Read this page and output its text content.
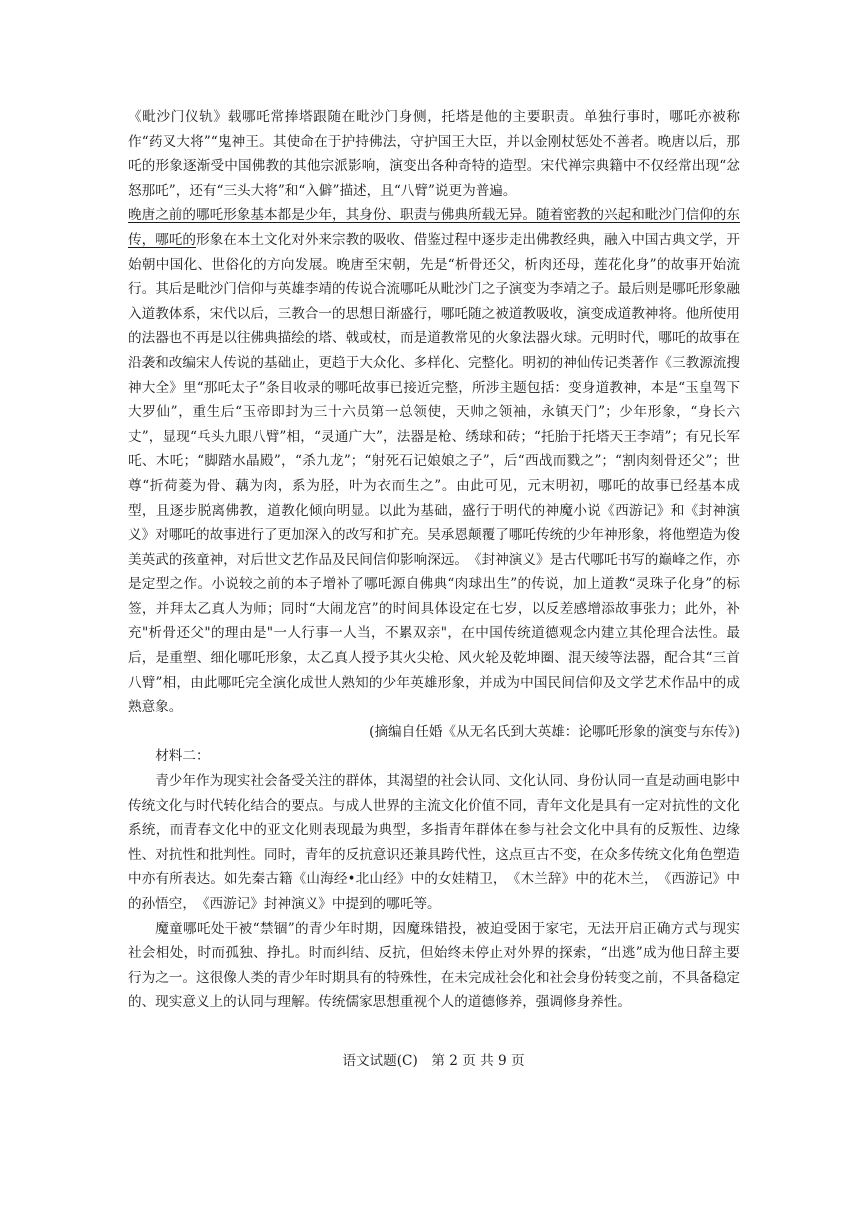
《毗沙门仪轨》载哪吒常捧塔跟随在毗沙门身侧，托塔是他的主要职责。单独行事时，哪吒亦被称作“药叉大将”“鬼神王。其使命在于护持佛法，守护国王大臣，并以金刚杖惩处不善者。晚唐以后，那吒的形象逐渐受中国佛教的其他宗派影响，演变出各种奇特的造型。宋代禅宗典籍中不仅经常出现“忿怒那吒”，还有“三头大将”和“入僻”描述，且“八臂”说更为普遍。

晚唐之前的哪吒形象基本都是少年，其身份、职责与佛典所载无异。随着密教的兴起和毗沙门信仰的东传，哪吒的形象在本土文化对外来宗教的吸收、借鉴过程中逐步走出佛教经典，融入中国古典文学，开始朝中国化、世俗化的方向发展。晚唐至宋朝，先是“析骨还父，析肉还母，莲花化身”的故事开始流行。其后是毗沙门信仰与英雄李靖的传说合流哪吒从毗沙门之子演变为李靖之子。最后则是哪吒形象融入道教体系，宋代以后，三教合一的思想日渐盛行，哪吒随之被道教吸收，演变成道教神将。他所使用的法器也不再是以往佛典描绘的塔、戟或杖，而是道教常见的火象法器火球。元明时代，哪吒的故事在沿袭和改编宋人传说的基础止，更趋于大众化、多样化、完整化。明初的神仙传记类著作《三教源流搜神大全》里“那吒太子”条目收录的哪吒故事已接近完整，所涉主题包括：变身道教神，本是“玉皇驾下大罗仙”，重生后“玉帝即封为三十六员第一总领使，天帅之领袖，永镇天门”；少年形象，“身长六丈”，显现“乓头九眼八臂”相，“灵通广大”，法器是枪、绣球和砖；“托胎于托塔天王李靖”；有兄长军吒、木吒；“脚踏水晶殿”，“杀九龙”；“射死石记娘娘之子”，后“西战而戮之”；“割肉刻骨还父”；世尊“折荷菱为骨、藕为肉，系为胫，叶为衣而生之”。由此可见，元末明初，哪吒的故事已经基本成型，且逐步脱离佛教，道教化倾向明显。以此为基础，盛行于明代的神魔小说《西游记》和《封神演义》对哪吒的故事进行了更加深入的改写和扩充。吴承恩颠覆了哪吒传统的少年神形象，将他塑造为俊美英武的孩童神，对后世文艺作品及民间信仰影响深远。　《封神演义》是古代哪吒书写的巅峰之作，亦是定型之作。小说较之前的本子增补了哪吒源自佛典“肉球出生”的传说，加上道教“灵珠子化身”的标签，并拜太乙真人为师；同时“大闹龙宫”的时间具体设定在七岁，以反差感增添故事张力；此外，补充"析骨还父"的理由是"一人行事一人当，不累双亲"，在中国传统道德观念内建立其伦理合法性。最后，是重塑、细化哪吒形象，太乙真人授予其火尖枪、风火轮及乾坤圈、混天绫等法器，配合其“三首八臂”相，由此哪吒完全演化成世人熟知的少年英雄形象，并成为中国民间信仰及文学艺术作品中的成熟意象。

(摘编自任婚《从无名氏到大英雄：论哪吒形象的演变与东传》)

材料二：

青少年作为现实社会备受关注的群体，其渴望的社会认同、文化认同、身份认同一直是动画电影中传统文化与时代转化结合的要点。与成人世界的主流文化价值不同，青年文化是具有一定对抗性的文化系统，而青春文化中的亚文化则表现最为典型，多指青年群体在参与社会文化中具有的反叛性、边缘性、对抗性和批判性。同时，青年的反抗意识还兼具跨代性，这点亘古不变，在众多传统文化角色塑造中亦有所表达。如先秦古籍《山海经•北山经》中的女娃精卫，　《木兰辞》中的花木兰，　《西游记》中的孙悟空，　《西游记》封神演义》中提到的哪吒等。

魔童哪吒处干被“禁锢”的青少年时期，因魔珠错投，被迫受困于家宅，无法开启正确方式与现实社会相处，时而孤独、挣扎。时而纠结、反抗，但始终未停止对外界的探索，“出逃”成为他日辞主要行为之一。这很像人类的青少年时期具有的特殊性，在未完成社会化和社会身份转变之前，不具备稳定的、现实意义上的认同与理解。传统儒家思想重视个人的道德修养，强调修身养性。

语文试题(C)　第 2 页 共 9 页
